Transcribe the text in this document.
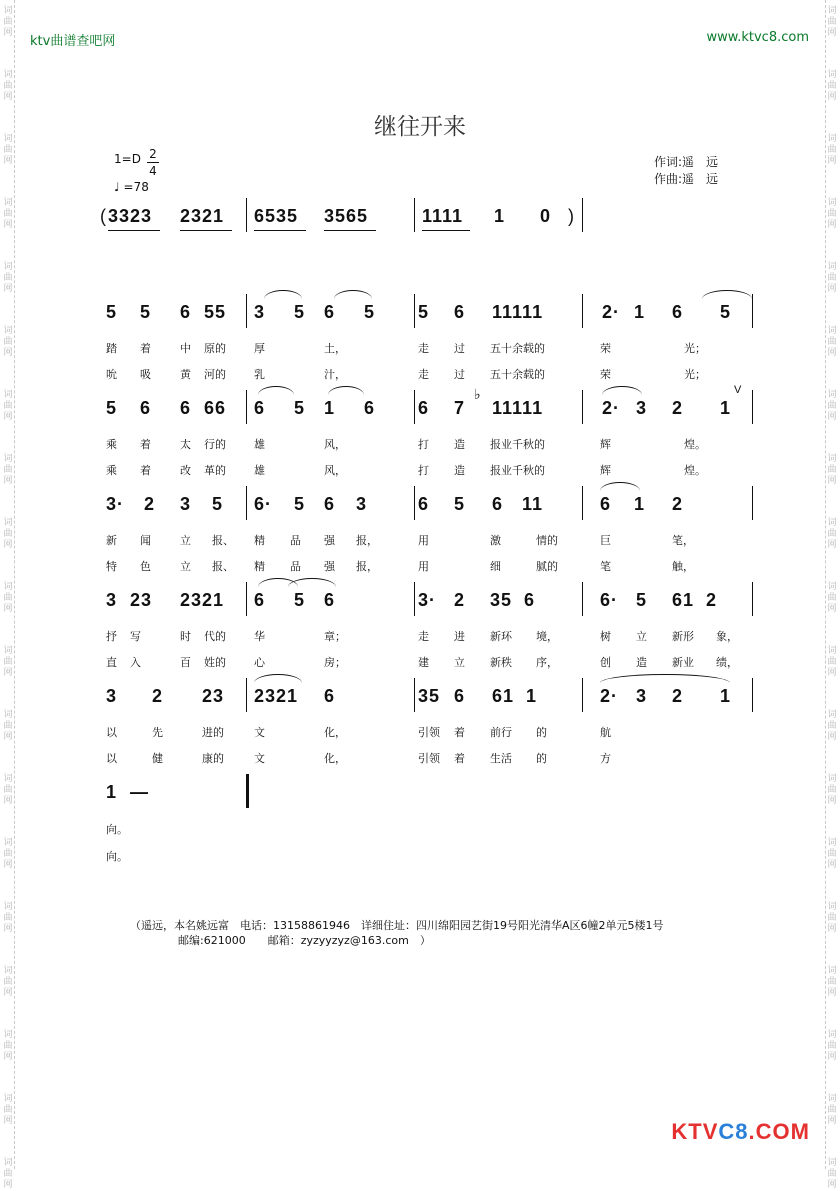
词
曲
网
词
曲
网
词
曲
网
词
曲
网
词
曲
网
词
曲
网
词
曲
网
词
曲
网
词
曲
网
词
曲
网
词
曲
网
词
曲
网
词
曲
网
词
曲
网
词
曲
网
词
曲
网
词
曲
网
词
曲
网
词
曲
网
词
曲
网
词
曲
网
词
曲
网
词
曲
网
词
曲
网
词
曲
网
词
曲
网
词
曲
网
词
曲
网
词
曲
网
词
曲
网
词
曲
网
词
曲
网
词
曲
网
词
曲
网
词
曲
网
词
曲
网
词
曲
网
词
曲
网
ktv曲谱查吧网	www.ktvc8.com
继往开来
1=D 2
4
♩ =78
作词:遥　远
作曲:遥　远
( 3323 2321 6535 3565	1111 1 0 )
5 5 6 55 3 5 6 5 5 6 11111	2· 1 6 5
踏 着	中 原的	厚	土，	走 过 五十余载的	荣	光；
吮 吸	黄 河的	乳	汁，	走 过 五十余载的	荣	光；
5 6 6 66 6 5 1 6 6 7 11111	2· 3 2 1
♭	V
乘 着	太 行的	雄	风，	打 造 报业千秋的	辉	煌。
乘 着	改 革的	雄	风，	打 造 报业千秋的	辉	煌。
3· 2 3 5 6· 5 6 3	6 5 6 11	6 1 2
新 闻	立 报、 精 品 强 报，	用	激	情的	巨	笔，
特 色	立 报、 精 品 强 报，	用	细	腻的	笔	触，
3 23 2321 6 5 6	3· 2 35 6	6· 5 61 2
抒 写	时 代的	华	章；	走 进 新环 境，	树 立 新形 象，
直 入	百 姓的	心	房；	建 立 新秩 序，	创 造 新业 绩，
3 2 23 2321 6	35 6 61 1	2· 3 2 1
以	先	进的	文	化，	引领 着 前行 的	航
以	健	康的	文	化，	引领 着 生活 的	方
1 —
向。
向。
（遥远，本名姚远富　电话：13158861946　详细住址：四川绵阳园艺街19号阳光清华A区6幢2单元5楼1号
邮编:621000　　邮箱：zyzyyzyz@163.com　）
KTVC8.COM
